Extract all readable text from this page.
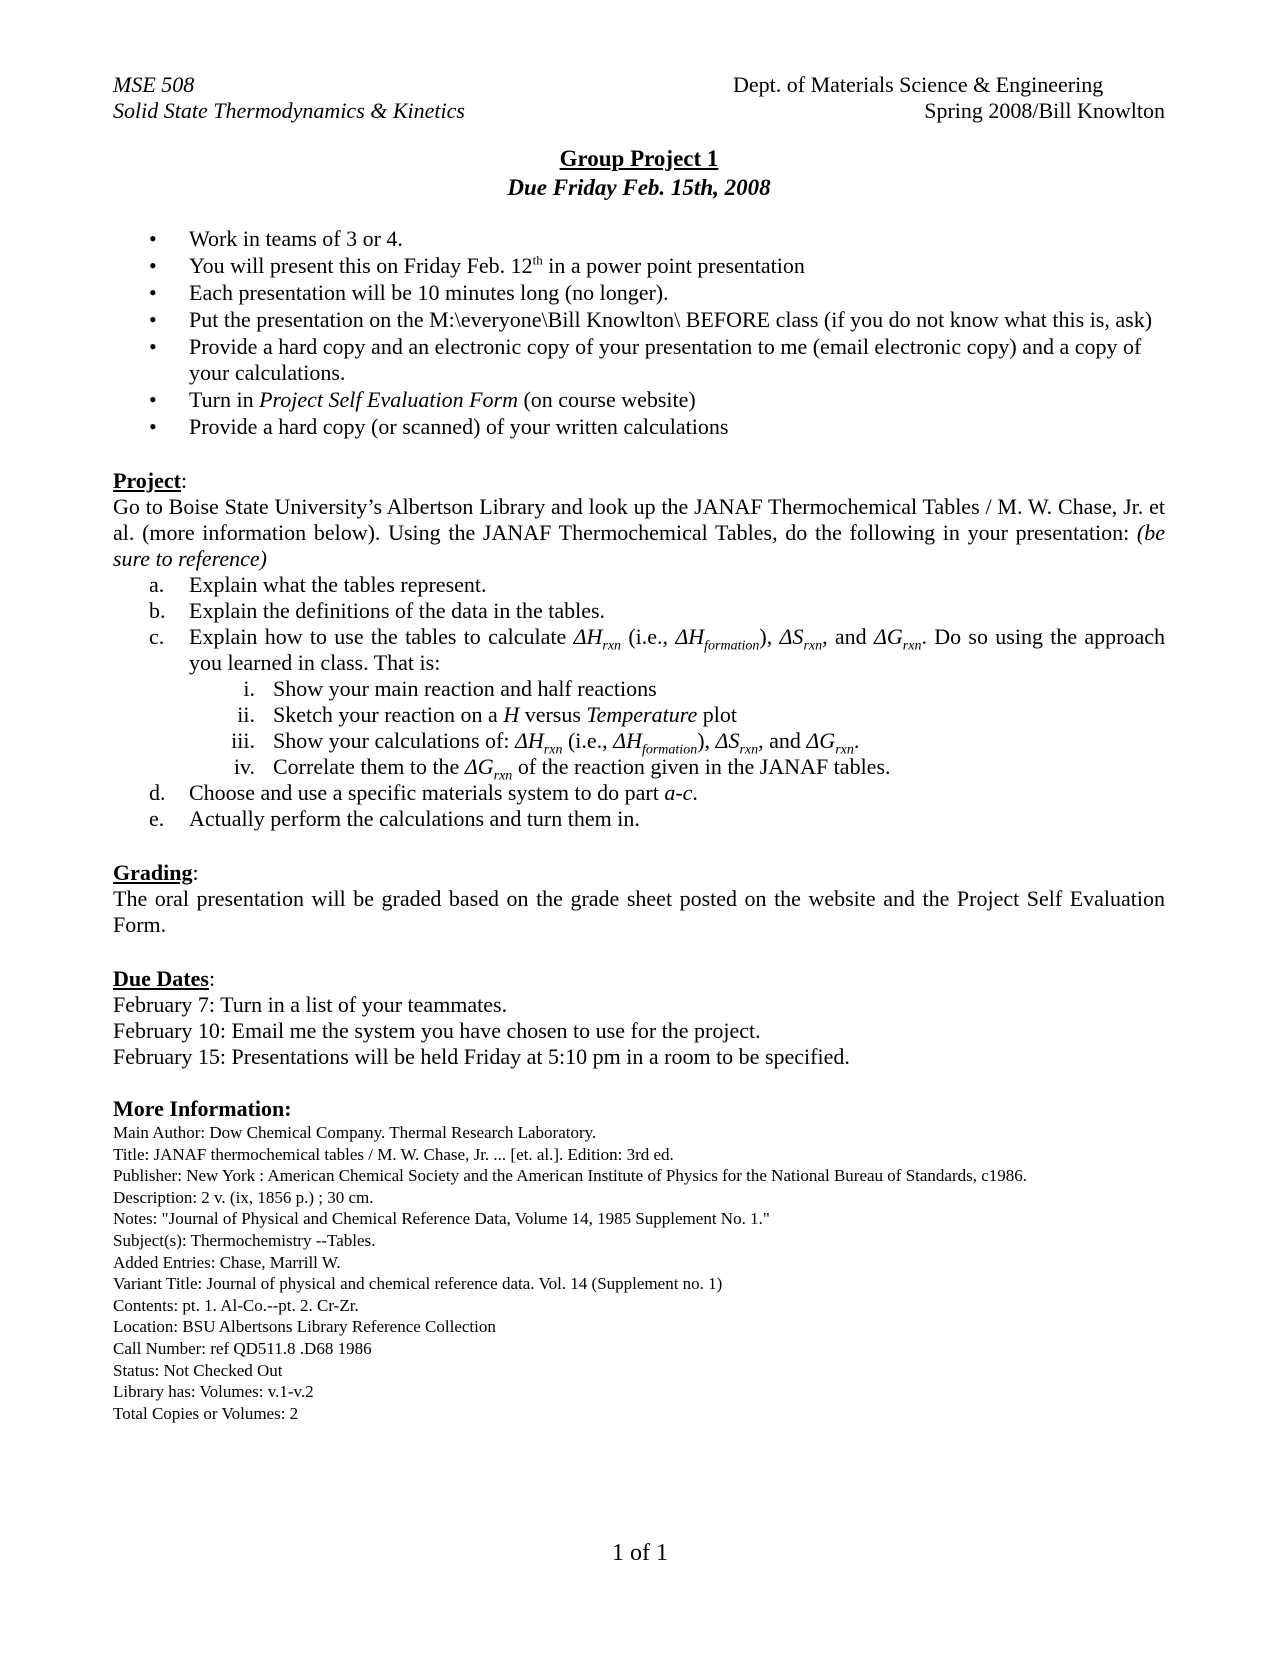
MSE 508	Dept. of Materials Science & Engineering
Solid State Thermodynamics & Kinetics	Spring 2008/Bill Knowlton
Group Project 1
Due Friday Feb. 15th, 2008
• Work in teams of 3 or 4.
• You will present this on Friday Feb. 12th in a power point presentation
• Each presentation will be 10 minutes long (no longer).
• Put the presentation on the M:\everyone\Bill Knowlton\ BEFORE class (if you do not know what this is, ask)
• Provide a hard copy and an electronic copy of your presentation to me (email electronic copy) and a copy of your calculations.
• Turn in Project Self Evaluation Form (on course website)
• Provide a hard copy (or scanned) of your written calculations
Project:
Go to Boise State University’s Albertson Library and look up the JANAF Thermochemical Tables / M. W. Chase, Jr. et al. (more information below). Using the JANAF Thermochemical Tables, do the following in your presentation: (be sure to reference)
a. Explain what the tables represent.
b. Explain the definitions of the data in the tables.
c. Explain how to use the tables to calculate $\Delta H_{rxn}$ (i.e., $\Delta H_{formation}$), $\Delta S_{rxn}$, and $\Delta G_{rxn}$. Do so using the approach you learned in class. That is:
i. Show your main reaction and half reactions
ii. Sketch your reaction on a H versus Temperature plot
iii. Show your calculations of: $\Delta H_{rxn}$ (i.e., $\Delta H_{formation}$), $\Delta S_{rxn}$, and $\Delta G_{rxn}$.
iv. Correlate them to the $\Delta G_{rxn}$ of the reaction given in the JANAF tables.
d. Choose and use a specific materials system to do part a-c.
e. Actually perform the calculations and turn them in.
Grading:
The oral presentation will be graded based on the grade sheet posted on the website and the Project Self Evaluation Form.
Due Dates:
February 7: Turn in a list of your teammates.
February 10: Email me the system you have chosen to use for the project.
February 15: Presentations will be held Friday at 5:10 pm in a room to be specified.
More Information:
Main Author: Dow Chemical Company. Thermal Research Laboratory.
Title: JANAF thermochemical tables / M. W. Chase, Jr. ... [et. al.]. Edition: 3rd ed.
Publisher: New York : American Chemical Society and the American Institute of Physics for the National Bureau of Standards, c1986.
Description: 2 v. (ix, 1856 p.) ; 30 cm.
Notes: "Journal of Physical and Chemical Reference Data, Volume 14, 1985 Supplement No. 1."
Subject(s): Thermochemistry --Tables.
Added Entries: Chase, Marrill W.
Variant Title: Journal of physical and chemical reference data. Vol. 14 (Supplement no. 1)
Contents: pt. 1. Al-Co.--pt. 2. Cr-Zr.
Location: BSU Albertsons Library Reference Collection
Call Number: ref QD511.8 .D68 1986
Status: Not Checked Out
Library has: Volumes: v.1-v.2
Total Copies or Volumes: 2
1 of 1
